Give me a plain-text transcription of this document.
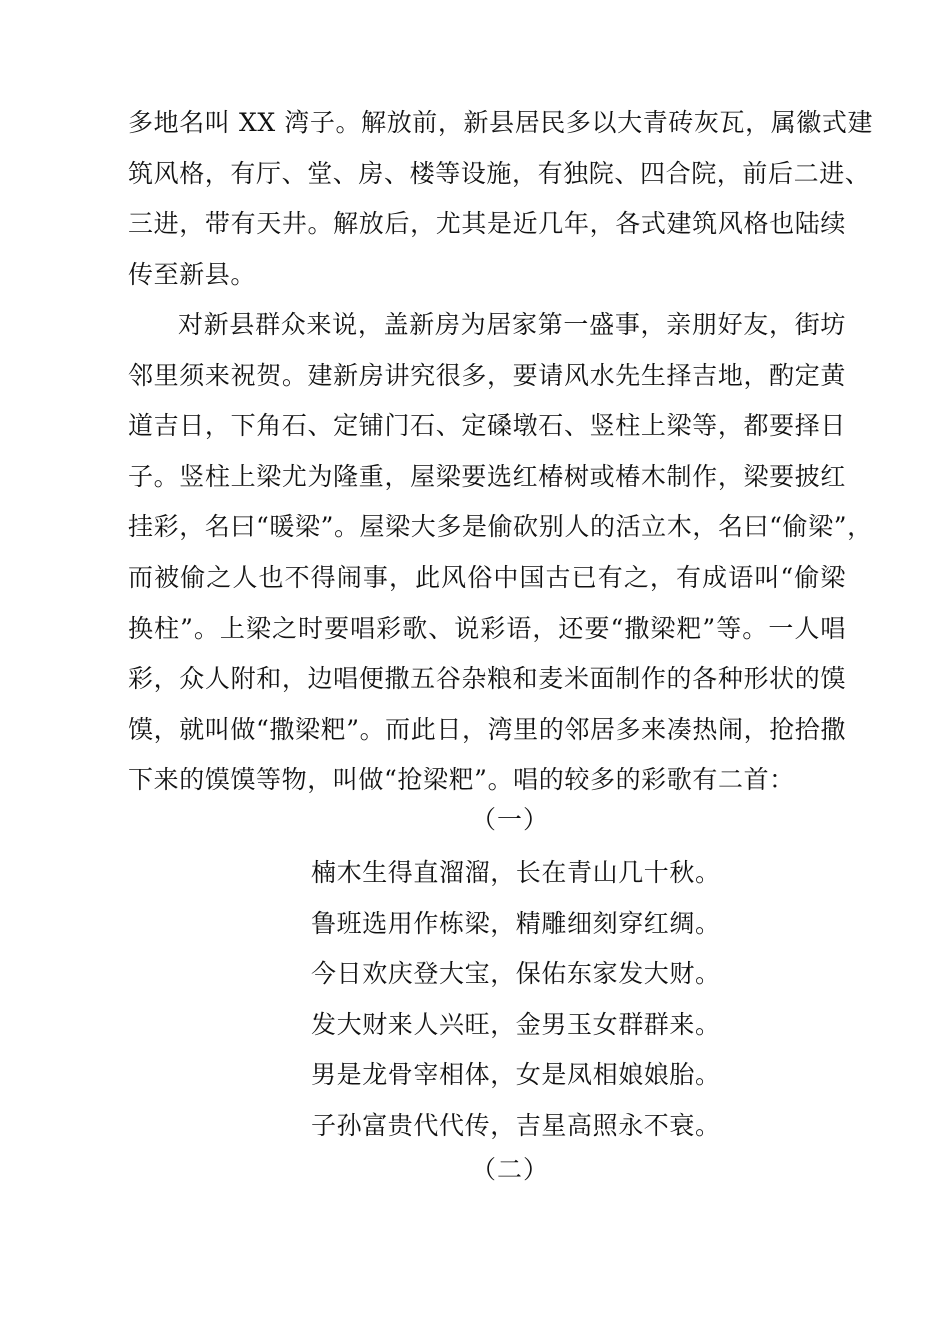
多地名叫 XX 湾子。解放前，新县居民多以大青砖灰瓦，属徽式建
筑风格，有厅、堂、房、楼等设施，有独院、四合院，前后二进、
三进，带有天井。解放后，尤其是近几年，各式建筑风格也陆续
传至新县。

对新县群众来说，盖新房为居家第一盛事，亲朋好友，街坊
邻里须来祝贺。建新房讲究很多，要请风水先生择吉地，酌定黄
道吉日，下角石、定铺门石、定磉墩石、竖柱上梁等，都要择日
子。竖柱上梁尤为隆重，屋梁要选红椿树或椿木制作，梁要披红
挂彩，名曰“暖梁”。屋梁大多是偷砍别人的活立木，名曰“偷梁”，
而被偷之人也不得闹事，此风俗中国古已有之，有成语叫“偷梁
换柱”。上梁之时要唱彩歌、说彩语，还要“撒梁粑”等。一人唱
彩，众人附和，边唱便撒五谷杂粮和麦米面制作的各种形状的馍
馍，就叫做“撒梁粑”。而此日，湾里的邻居多来凑热闹，抢拾撒
下来的馍馍等物，叫做“抢梁粑”。唱的较多的彩歌有二首：

（一）

楠木生得直溜溜，长在青山几十秋。
鲁班选用作栋梁，精雕细刻穿红绸。
今日欢庆登大宝，保佑东家发大财。
发大财来人兴旺，金男玉女群群来。
男是龙骨宰相体，女是凤相娘娘胎。
子孙富贵代代传，吉星高照永不衰。

（二）
